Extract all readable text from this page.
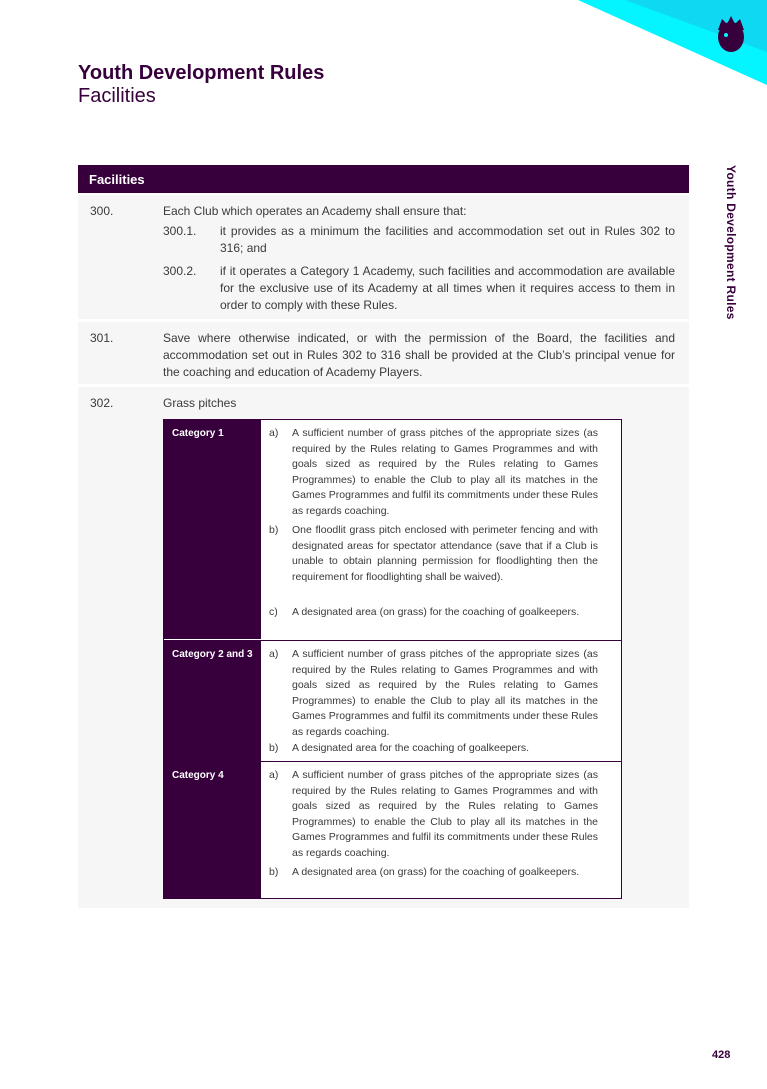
Youth Development Rules
Facilities
Youth Development Rules
Facilities
300.	Each Club which operates an Academy shall ensure that:
300.1. it provides as a minimum the facilities and accommodation set out in Rules 302 to 316; and
300.2. if it operates a Category 1 Academy, such facilities and accommodation are available for the exclusive use of its Academy at all times when it requires access to them in order to comply with these Rules.
301.	Save where otherwise indicated, or with the permission of the Board, the facilities and accommodation set out in Rules 302 to 316 shall be provided at the Club’s principal venue for the coaching and education of Academy Players.
302.	Grass pitches
Category 1	a) A sufficient number of grass pitches of the appropriate sizes (as required by the Rules relating to Games Programmes and with goals sized as required by the Rules relating to Games Programmes) to enable the Club to play all its matches in the Games Programmes and fulfil its commitments under these Rules as regards coaching.
b) One floodlit grass pitch enclosed with perimeter fencing and with designated areas for spectator attendance (save that if a Club is unable to obtain planning permission for floodlighting then the requirement for floodlighting shall be waived).
c) A designated area (on grass) for the coaching of goalkeepers.
Category 2 and 3	a) A sufficient number of grass pitches of the appropriate sizes (as required by the Rules relating to Games Programmes and with goals sized as required by the Rules relating to Games Programmes) to enable the Club to play all its matches in the Games Programmes and fulfil its commitments under these Rules as regards coaching.
b) A designated area for the coaching of goalkeepers.
Category 4	a) A sufficient number of grass pitches of the appropriate sizes (as required by the Rules relating to Games Programmes and with goals sized as required by the Rules relating to Games Programmes) to enable the Club to play all its matches in the Games Programmes and fulfil its commitments under these Rules as regards coaching.
b) A designated area (on grass) for the coaching of goalkeepers.
428
